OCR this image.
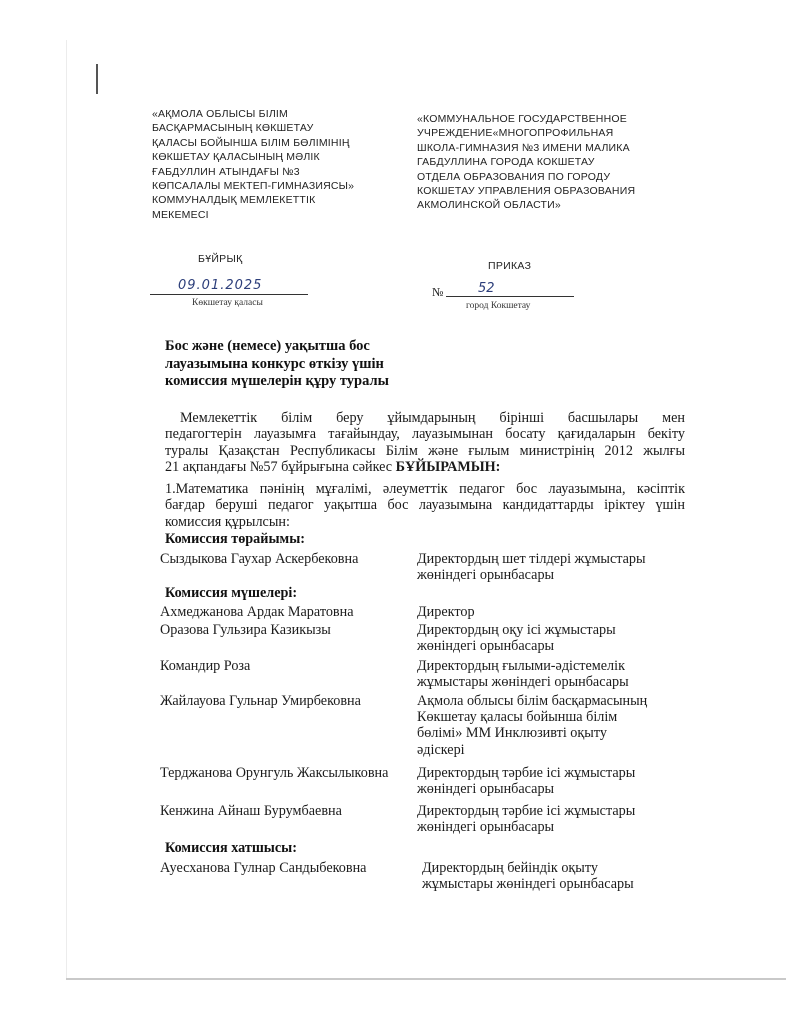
«АҚМОЛА ОБЛЫСЫ БІЛІМ
БАСҚАРМАСЫНЫҢ КӨКШЕТАУ
ҚАЛАСЫ БОЙЫНША БІЛІМ БӨЛІМІНІҢ
КӨКШЕТАУ ҚАЛАСЫНЫҢ МӘЛІК
ҒАБДУЛЛИН АТЫНДАҒЫ №3
КӨПСАЛАЛЫ МЕКТЕП-ГИМНАЗИЯСЫ»
КОММУНАЛДЫҚ МЕМЛЕКЕТТІК
МЕКЕМЕСІ
«КОММУНАЛЬНОЕ ГОСУДАРСТВЕННОЕ
УЧРЕЖДЕНИЕ«МНОГОПРОФИЛЬНАЯ
ШКОЛА-ГИМНАЗИЯ №3 ИМЕНИ МАЛИКА
ГАБДУЛЛИНА ГОРОДА КОКШЕТАУ
ОТДЕЛА ОБРАЗОВАНИЯ ПО ГОРОДУ
КОКШЕТАУ УПРАВЛЕНИЯ ОБРАЗОВАНИЯ
АКМОЛИНСКОЙ ОБЛАСТИ»
БҰЙРЫҚ
ПРИКАЗ
09.01.2025
Көкшетау қаласы
№	52
город Кокшетау
Бос және (немесе) уақытша бос
лауазымына конкурс өткізу үшін
комиссия мүшелерін құру туралы
Мемлекеттік білім беру ұйымдарының бірінші басшылары мен
педагогтерін лауазымға тағайындау, лауазымынан босату қағидаларын бекіту
туралы Қазақстан Республикасы Білім және ғылым министрінің 2012 жылғы
21 ақпандағы №57 бұйрығына сәйкес БҰЙЫРАМЫН:
1.Математика пәнінің мұғалімі, әлеуметтік педагог бос лауазымына, кәсіптік
бағдар беруші педагог уақытша бос лауазымына кандидаттарды іріктеу үшін
комиссия құрылсын:
Комиссия төрайымы:
Сыздыкова Гаухар Аскербековна	Директордың шет тілдері жұмыстары
жөніндегі орынбасары
Комиссия мүшелері:
Ахмеджанова Ардак Маратовна	Директор
Оразова Гульзира Казикызы	Директордың оқу ісі жұмыстары
жөніндегі орынбасары
Командир Роза	Директордың ғылыми-әдістемелік
жұмыстары жөніндегі орынбасары
Жайлауова Гульнар Умирбековна	Ақмола облысы білім басқармасының
Көкшетау қаласы бойынша білім
бөлімі» ММ Инклюзивті оқыту
әдіскері
Терджанова Орунгуль Жаксылыковна Директордың тәрбие ісі жұмыстары
жөніндегі орынбасары
Кенжина Айнаш Бурумбаевна	Директордың тәрбие ісі жұмыстары
жөніндегі орынбасары
Комиссия хатшысы:
Ауесханова Гулнар Сандыбековна	Директордың бейіндік оқыту
жұмыстары жөніндегі орынбасары
